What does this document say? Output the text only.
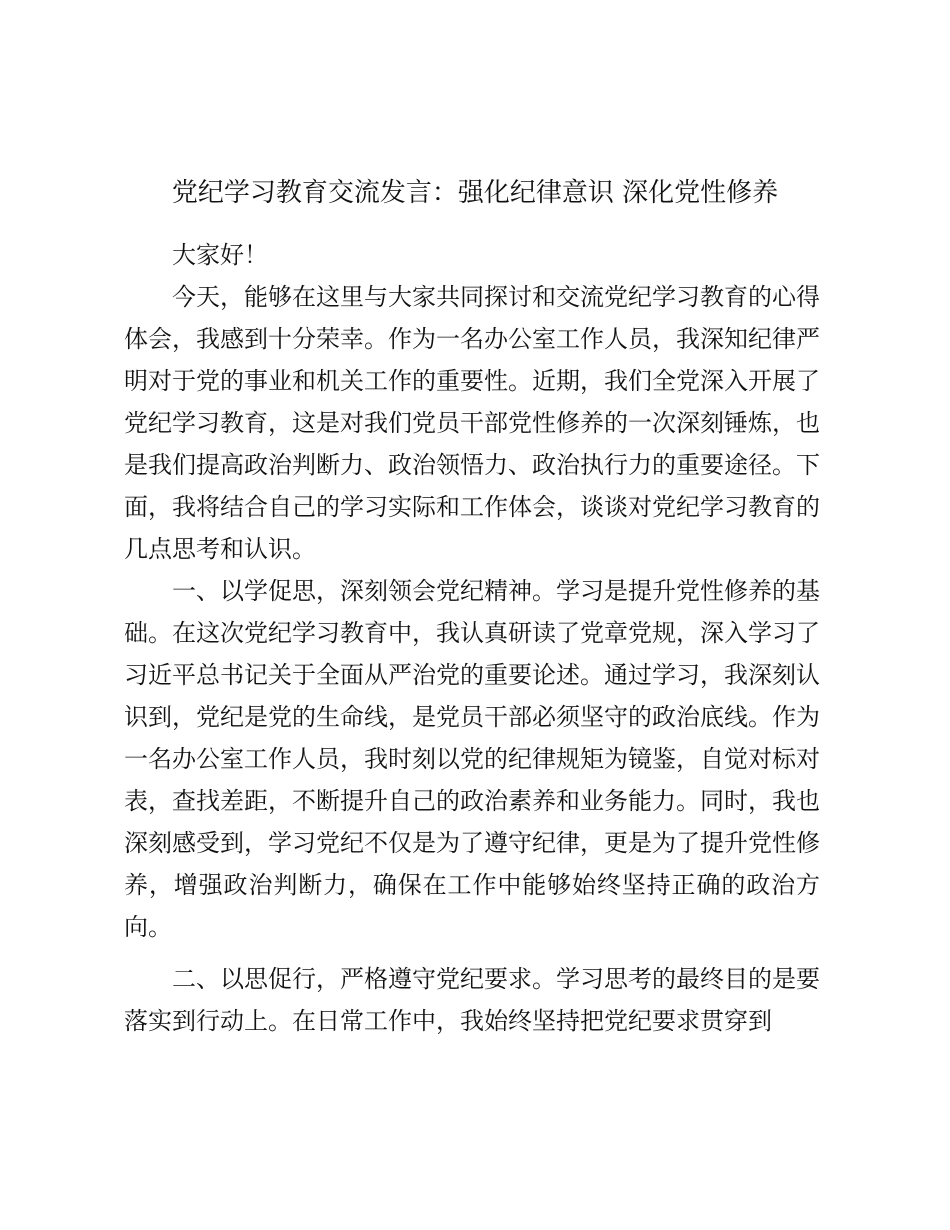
党纪学习教育交流发言：强化纪律意识 深化党性修养

大家好！

今天，能够在这里与大家共同探讨和交流党纪学习教育的心得体会，我感到十分荣幸。作为一名办公室工作人员，我深知纪律严明对于党的事业和机关工作的重要性。近期，我们全党深入开展了党纪学习教育，这是对我们党员干部党性修养的一次深刻锤炼，也是我们提高政治判断力、政治领悟力、政治执行力的重要途径。下面，我将结合自己的学习实际和工作体会，谈谈对党纪学习教育的几点思考和认识。

一、以学促思，深刻领会党纪精神。学习是提升党性修养的基础。在这次党纪学习教育中，我认真研读了党章党规，深入学习了习近平总书记关于全面从严治党的重要论述。通过学习，我深刻认识到，党纪是党的生命线，是党员干部必须坚守的政治底线。作为一名办公室工作人员，我时刻以党的纪律规矩为镜鉴，自觉对标对表，查找差距，不断提升自己的政治素养和业务能力。同时，我也深刻感受到，学习党纪不仅是为了遵守纪律，更是为了提升党性修养，增强政治判断力，确保在工作中能够始终坚持正确的政治方向。

二、以思促行，严格遵守党纪要求。学习思考的最终目的是要落实到行动上。在日常工作中，我始终坚持把党纪要求贯穿到
